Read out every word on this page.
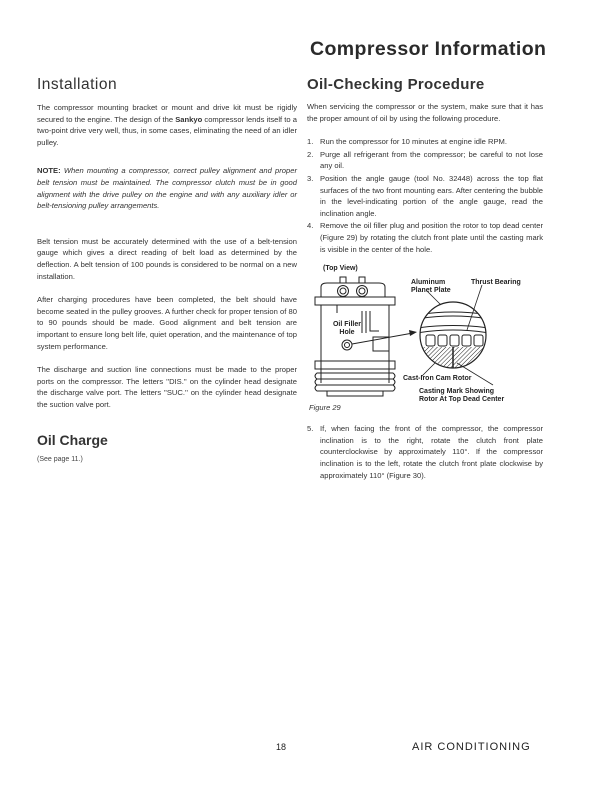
Compressor Information
Installation

The compressor mounting bracket or mount and drive kit must be rigidly secured to the engine. The design of the Sankyo compressor lends itself to a two-point drive very well, thus, in some cases, eliminating the need of an idler pulley.

NOTE: When mounting a compressor, correct pulley alignment and proper belt tension must be maintained. The compressor clutch must be in good alignment with the drive pulley on the engine and with any auxiliary idler or belt-tensioning pulley arrangements.

Belt tension must be accurately determined with the use of a belt-tension gauge which gives a direct reading of belt load as determined by the deflection. A belt tension of 100 pounds is considered to be normal on a new installation.

After charging procedures have been completed, the belt should have become seated in the pulley grooves. A further check for proper tension of 80 to 90 pounds should be made. Good alignment and belt tension are important to ensure long belt life, quiet operation, and the maintenance of top system performance.

The discharge and suction line connections must be made to the proper ports on the compressor. The letters ''DIS.'' on the cylinder head designate the discharge valve port. The letters ''SUC.'' on the cylinder head designate the suction valve port.

Oil Charge
(See page 11.)
Oil-Checking Procedure

When servicing the compressor or the system, make sure that it has the proper amount of oil by using the following procedure.

1. Run the compressor for 10 minutes at engine idle RPM.
2. Purge all refrigerant from the compressor; be careful to not lose any oil.
3. Position the angle gauge (tool No. 32448) across the top flat surfaces of the two front mounting ears. After centering the bubble in the level-indicating portion of the angle gauge, read the inclination angle.
4. Remove the oil filler plug and position the rotor to top dead center (Figure 29) by rotating the clutch front plate until the casting mark is visible in the center of the hole.
(Top View)
Oil Filler
Hole
Aluminum
Planet Plate
Thrust Bearing
Cast-Iron Cam Rotor
Casting Mark Showing
Rotor At Top Dead Center
Figure 29
5. If, when facing the front of the compressor, the compressor inclination is to the right, rotate the clutch front plate counterclockwise by approximately 110°. If the compressor inclination is to the left, rotate the clutch front plate clockwise by approximately 110° (Figure 30).
18	AIR CONDITIONING
